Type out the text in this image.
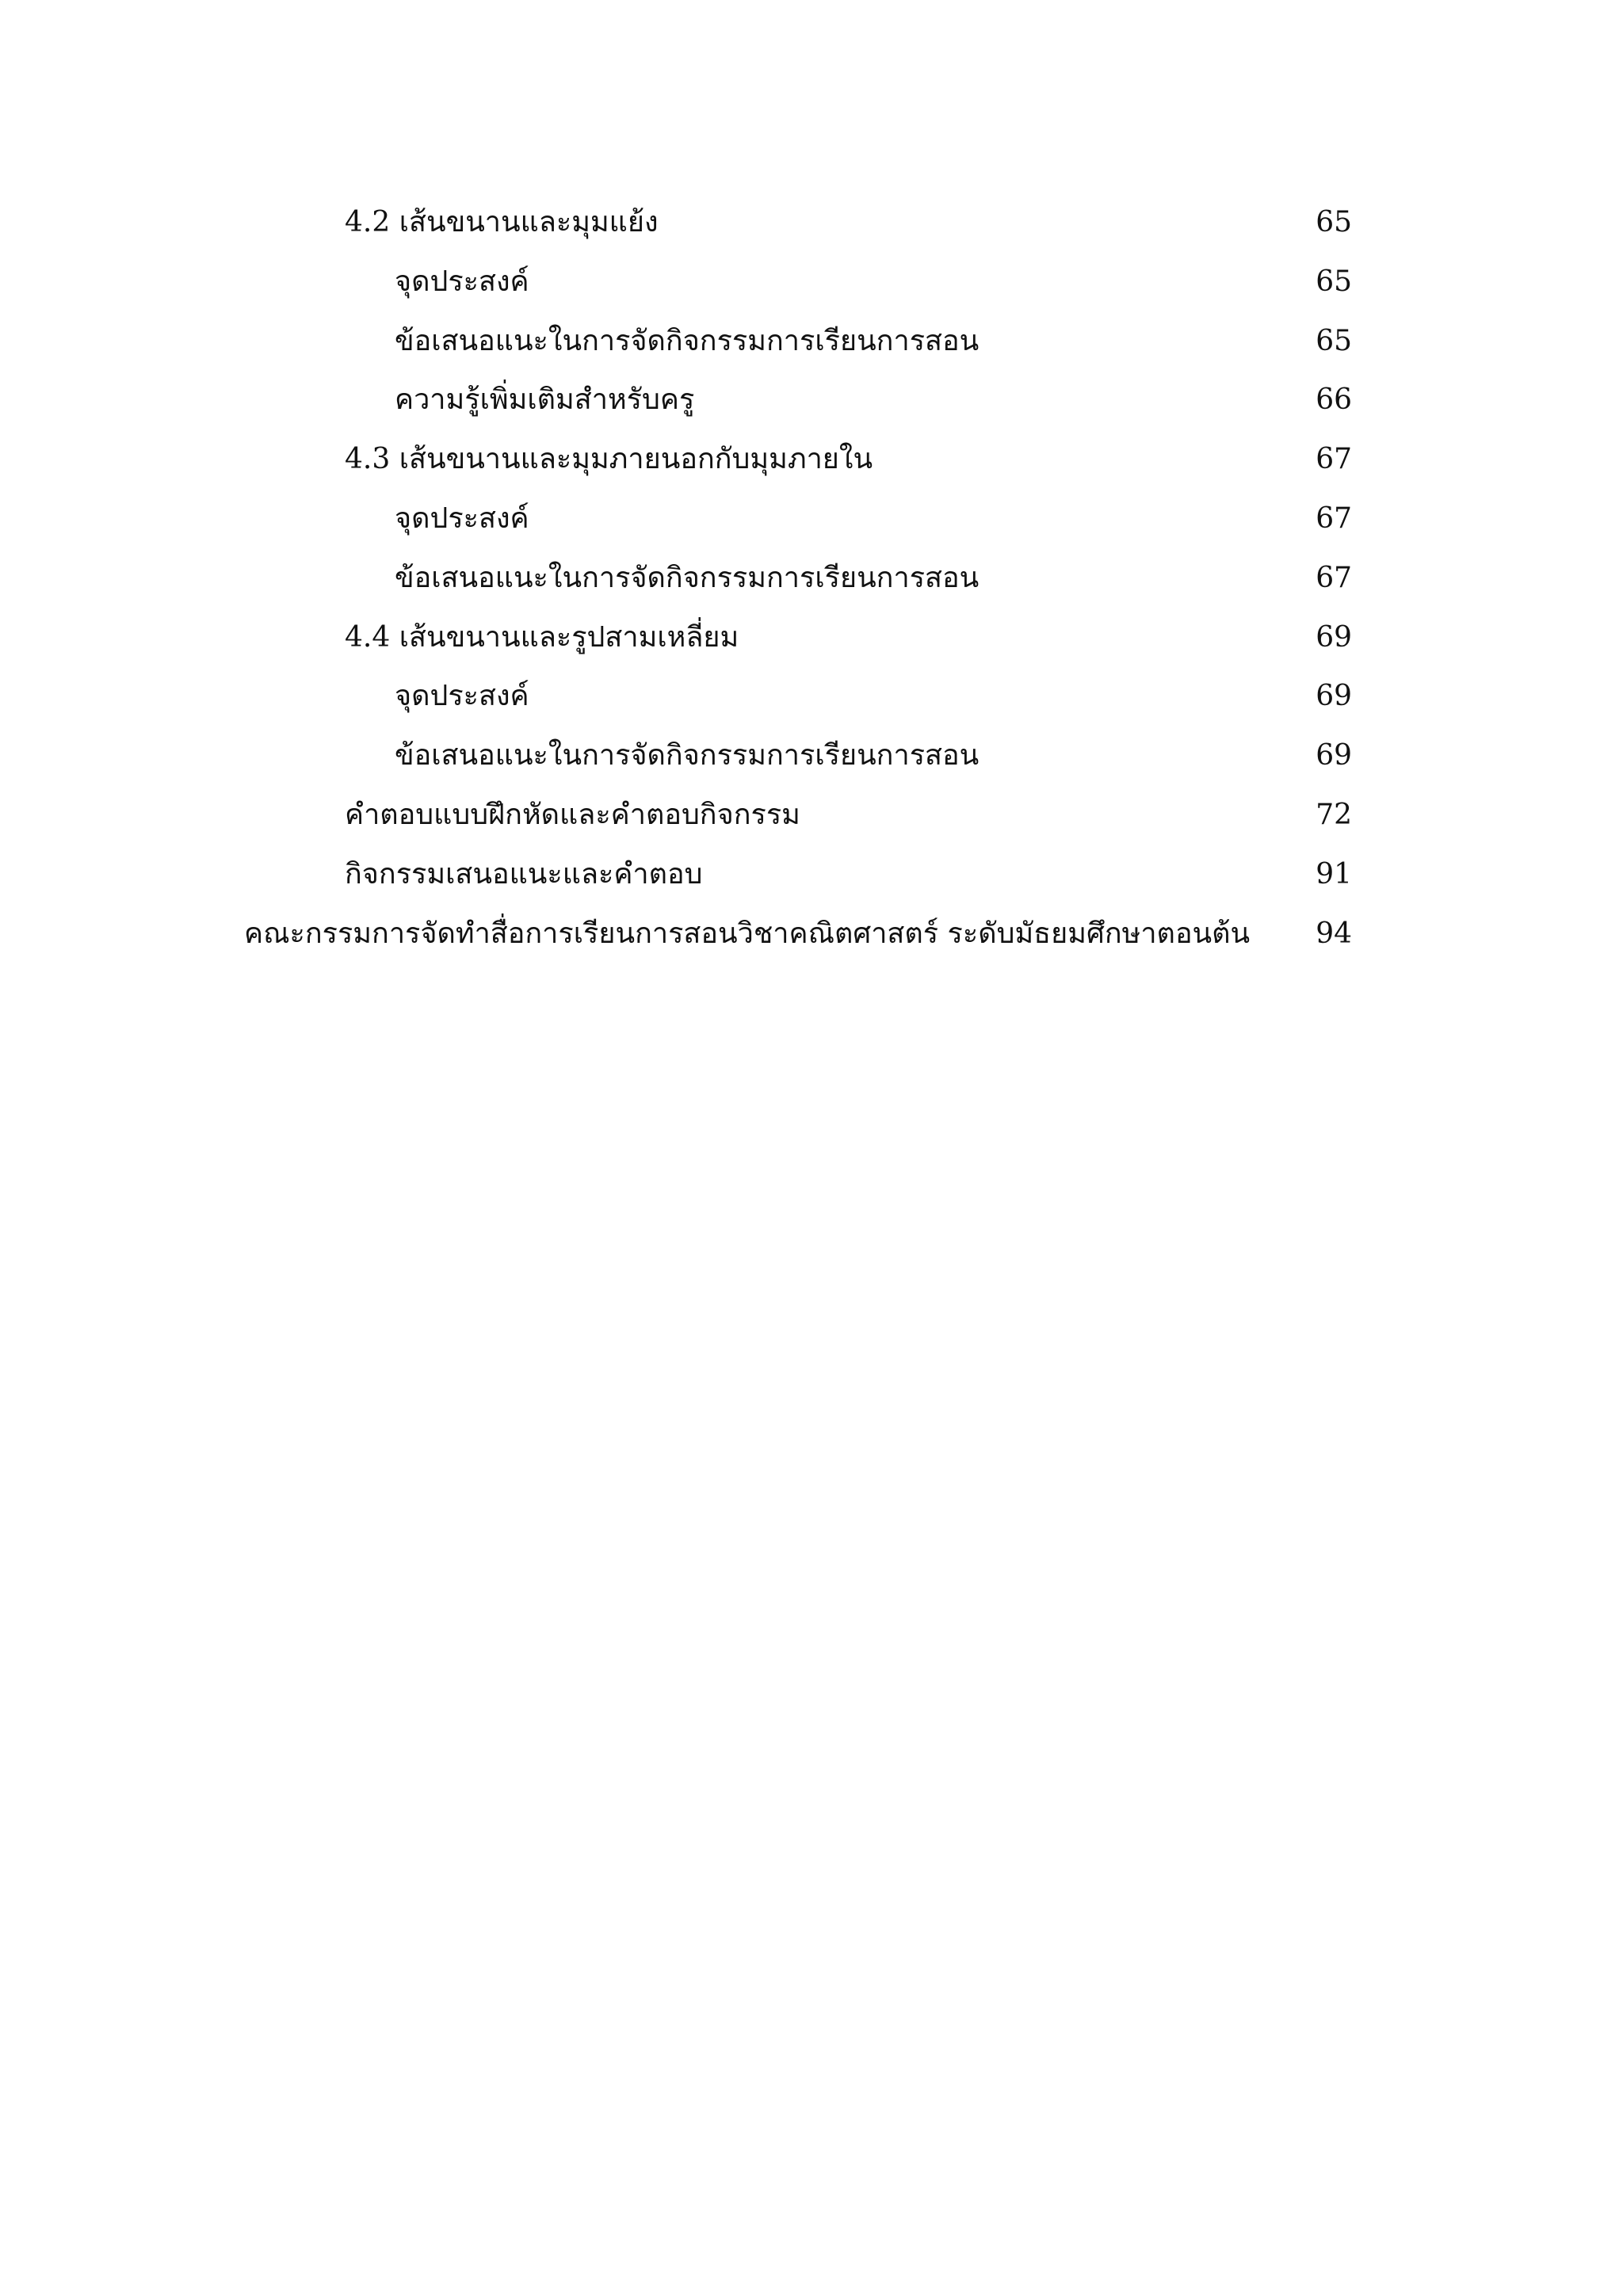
4.2 เส้นขนานและมุมแย้ง	65
จุดประสงค์	65
ข้อเสนอแนะในการจัดกิจกรรมการเรียนการสอน	65
ความรู้เพิ่มเติมสำหรับครู	66
4.3 เส้นขนานและมุมภายนอกกับมุมภายใน	67
จุดประสงค์	67
ข้อเสนอแนะในการจัดกิจกรรมการเรียนการสอน	67
4.4 เส้นขนานและรูปสามเหลี่ยม	69
จุดประสงค์	69
ข้อเสนอแนะในการจัดกิจกรรมการเรียนการสอน	69
คำตอบแบบฝึกหัดและคำตอบกิจกรรม	72
กิจกรรมเสนอแนะและคำตอบ	91
คณะกรรมการจัดทำสื่อการเรียนการสอนวิชาคณิตศาสตร์ ระดับมัธยมศึกษาตอนต้น	94
